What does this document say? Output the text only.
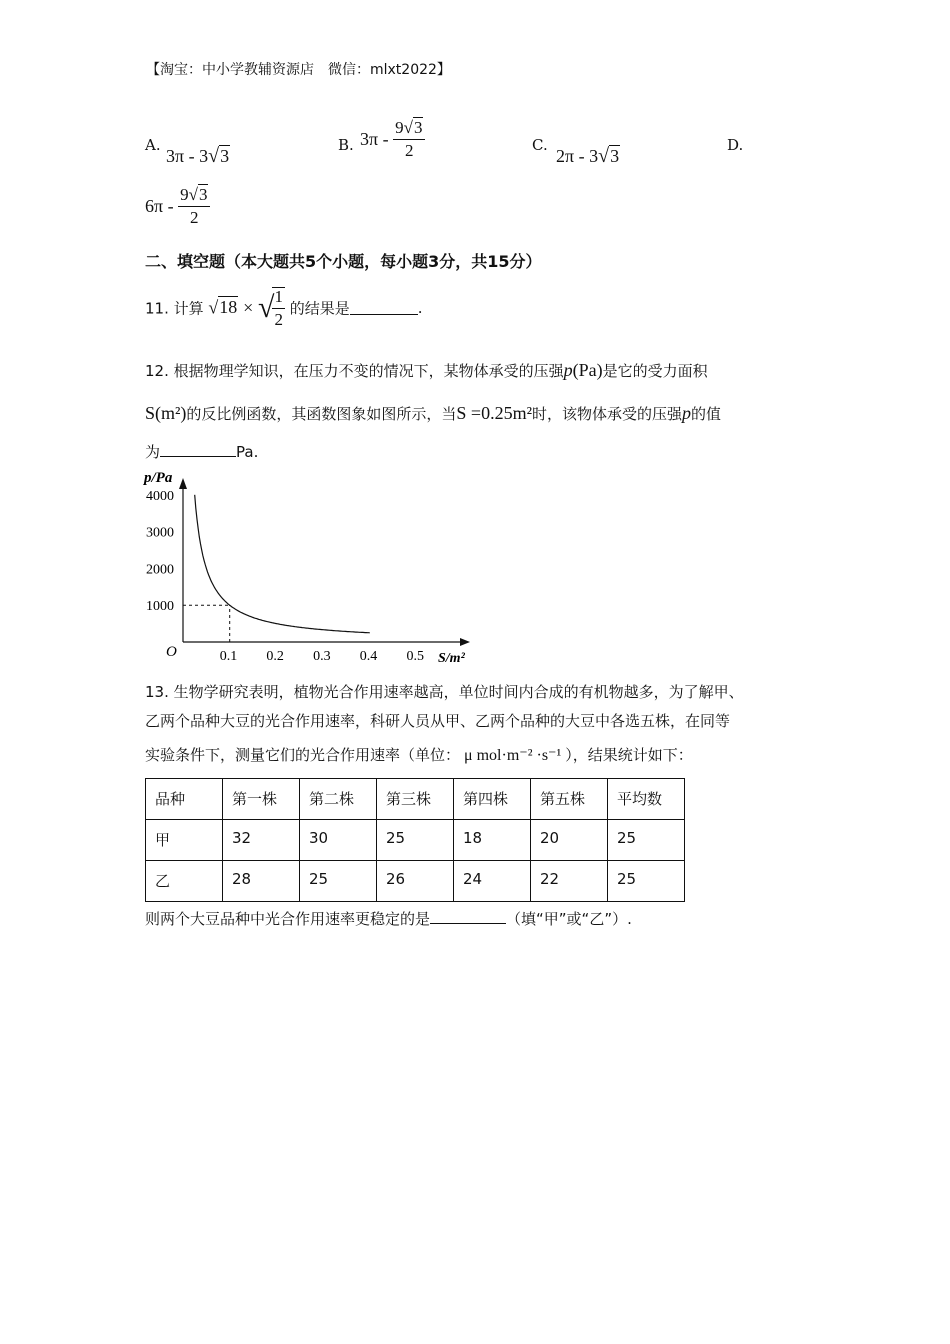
【淘宝：中小学教辅资源店　微信：mlxt2022】
A.
3π - 3√3
B. $3\pi - \frac{9√3}{2}$	C.
2π - 3√3
D.
$6\pi - \frac{9√3}{2}$
二、填空题（本大题共5个小题，每小题3分，共15分）
11. 计算 √18 × √
$\frac{1}{2}$ 的结果是	.
12. 根据物理学知识，在压力不变的情况下，某物体承受的压强p(Pa)是它的受力面积
S(m²)的反比例函数，其函数图象如图所示，当S =0.25m²时，该物体承受的压强p的值
为	Pa.
p/Pa
S/m²
O	0.1 0.2 0.3 0.4 0.5
1000
2000
3000
4000
13. 生物学研究表明，植物光合作用速率越高，单位时间内合成的有机物越多，为了解甲、
乙两个品种大豆的光合作用速率，科研人员从甲、乙两个品种的大豆中各选五株，在同等
实验条件下，测量它们的光合作用速率（单位： μ mol·m⁻² ·s⁻¹ ），结果统计如下：
品种	第一株	第二株	第三株	第四株	第五株	平均数
甲	32	30	25	18	20	25
乙	28	25	26	24	22	25
则两个大豆品种中光合作用速率更稳定的是	（填“甲”或“乙”）.
